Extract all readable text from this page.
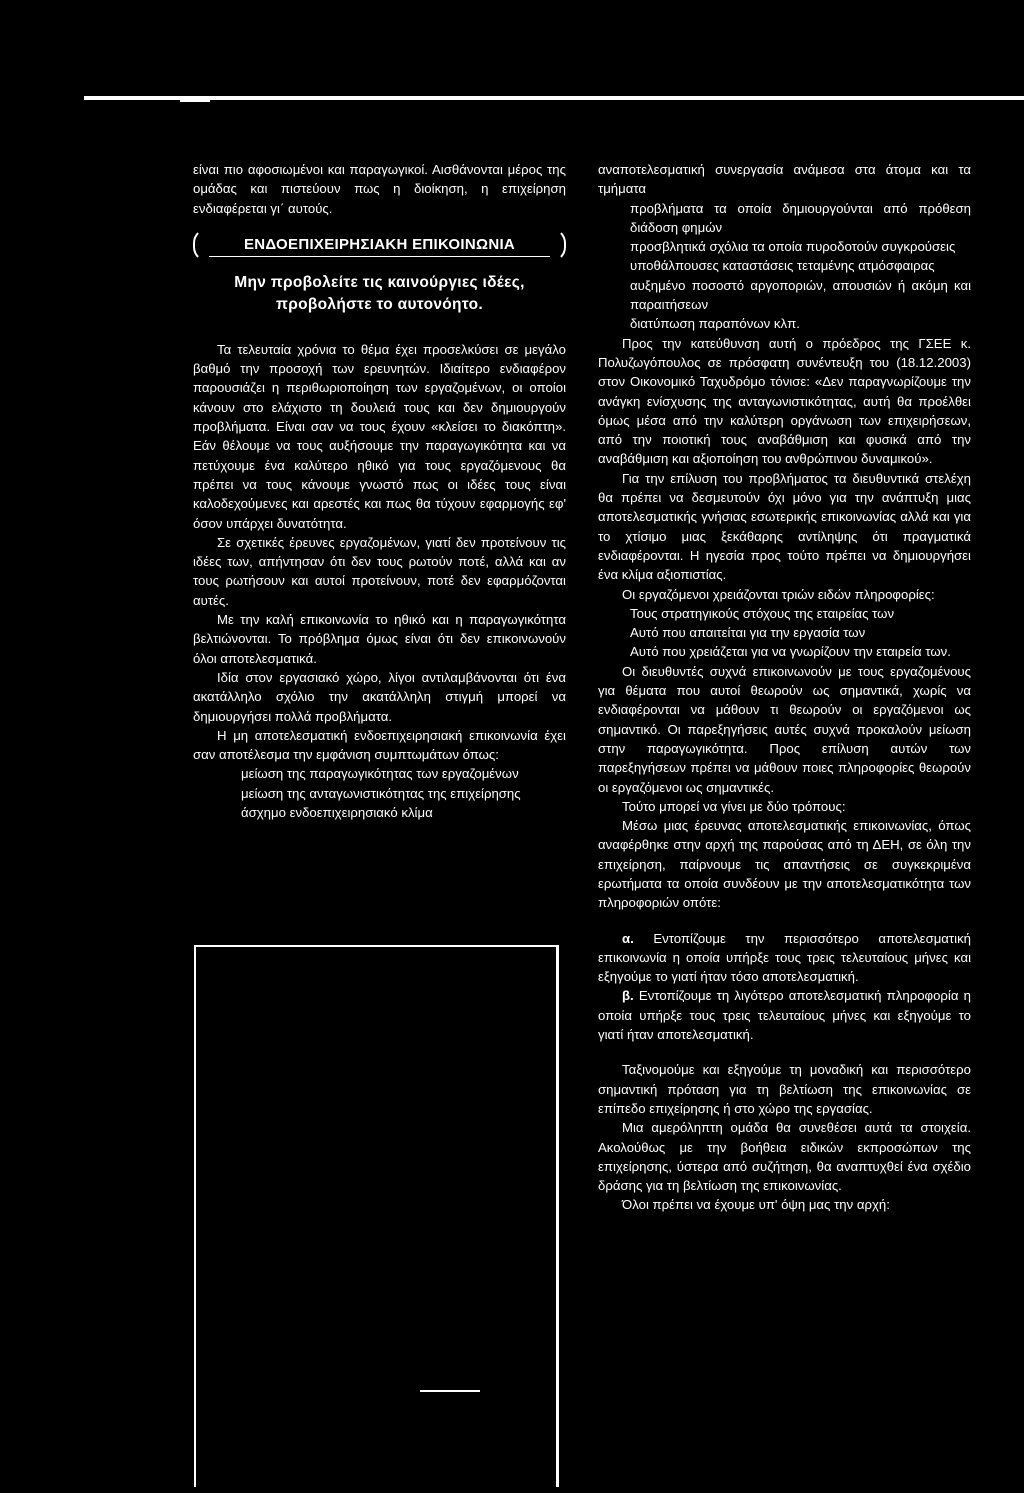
είναι πιο αφοσιωμένοι και παραγωγικοί. Αισθάνονται μέρος της ομάδας και πιστεύουν πως η διοίκηση, η επιχείρηση ενδιαφέρεται γι΄ αυτούς.

ΕΝΔΟΕΠΙΧΕΙΡΗΣΙΑΚΗ ΕΠΙΚΟΙΝΩΝΙΑ
Μην προβολείτε τις καινούργιες ιδέες,
προβολήστε το αυτονόητο.

Τα τελευταία χρόνια το θέμα έχει προσελκύσει σε μεγάλο βαθμό την προσοχή των ερευνητών. Ιδιαίτερο ενδιαφέρον παρουσιάζει η περιθωριοποίηση των εργαζομένων, οι οποίοι κάνουν στο ελάχιστο τη δουλειά τους και δεν δημιουργούν προβλήματα. Είναι σαν να τους έχουν «κλείσει το διακόπτη». Εάν θέλουμε να τους αυξήσουμε την παραγωγικότητα και να πετύχουμε ένα καλύτερο ηθικό για τους εργαζόμενους θα πρέπει να τους κάνουμε γνωστό πως οι ιδέες τους είναι καλοδεχούμενες και αρεστές και πως θα τύχουν εφαρμογής εφ' όσον υπάρχει δυνατότητα.

Σε σχετικές έρευνες εργαζομένων, γιατί δεν προτείνουν τις ιδέες των, απήντησαν ότι δεν τους ρωτούν ποτέ, αλλά και αν τους ρωτήσουν και αυτοί προτείνουν, ποτέ δεν εφαρμόζονται αυτές.

Με την καλή επικοινωνία το ηθικό και η παραγωγικότητα βελτιώνονται. Το πρόβλημα όμως είναι ότι δεν επικοινωνούν όλοι αποτελεσματικά.

Ιδία στον εργασιακό χώρο, λίγοι αντιλαμβάνονται ότι ένα ακατάλληλο σχόλιο την ακατάλληλη στιγμή μπορεί να δημιουργήσει πολλά προβλήματα.

Η μη αποτελεσματική ενδοεπιχειρησιακή επικοινωνία έχει σαν αποτέλεσμα την εμφάνιση συμπτωμάτων όπως:

μείωση της παραγωγικότητας των εργαζομένων

μείωση της ανταγωνιστικότητας της επιχείρησης

άσχημο ενδοεπιχειρησιακό κλίμα

αναποτελεσματική συνεργασία ανάμεσα στα άτομα και τα τμήματα

προβλήματα τα οποία δημιουργούνται από πρόθεση διάδοση φημών

προσβλητικά σχόλια τα οποία πυροδοτούν συγκρούσεις

υποθάλπουσες καταστάσεις τεταμένης ατμόσφαιρας

αυξημένο ποσοστό αργοποριών, απουσιών ή ακόμη και παραιτήσεων

διατύπωση παραπόνων κλπ.

Προς την κατεύθυνση αυτή ο πρόεδρος της ΓΣΕΕ κ. Πολυζωγόπουλος σε πρόσφατη συνέντευξη του (18.12.2003) στον Οικονομικό Ταχυδρόμο τόνισε: «Δεν παραγνωρίζουμε την ανάγκη ενίσχυσης της ανταγωνιστικότητας, αυτή θα προέλθει όμως μέσα από την καλύτερη οργάνωση των επιχειρήσεων, από την ποιοτική τους αναβάθμιση και φυσικά από την αναβάθμιση και αξιοποίηση του ανθρώπινου δυναμικού».

Για την επίλυση του προβλήματος τα διευθυντικά στελέχη θα πρέπει να δεσμευτούν όχι μόνο για την ανάπτυξη μιας αποτελεσματικής γνήσιας εσωτερικής επικοινωνίας αλλά και για το χτίσιμο μιας ξεκάθαρης αντίληψης ότι πραγματικά ενδιαφέρονται. Η ηγεσία προς τούτο πρέπει να δημιουργήσει ένα κλίμα αξιοπιστίας.

Οι εργαζόμενοι χρειάζονται τριών ειδών πληροφορίες:

Τους στρατηγικούς στόχους της εταιρείας των

Αυτό που απαιτείται για την εργασία των

Αυτό που χρειάζεται για να γνωρίζουν την εταιρεία των.

Οι διευθυντές συχνά επικοινωνούν με τους εργαζομένους για θέματα που αυτοί θεωρούν ως σημαντικά, χωρίς να ενδιαφέρονται να μάθουν τι θεωρούν οι εργαζόμενοι ως σημαντικό. Οι παρεξηγήσεις αυτές συχνά προκαλούν μείωση στην παραγωγικότητα. Προς επίλυση αυτών των παρεξηγήσεων πρέπει να μάθουν ποιες πληροφορίες θεωρούν οι εργαζόμενοι ως σημαντικές.

Τούτο μπορεί να γίνει με δύο τρόπους:

Μέσω μιας έρευνας αποτελεσματικής επικοινωνίας, όπως αναφέρθηκε στην αρχή της παρούσας από τη ΔΕΗ, σε όλη την επιχείρηση, παίρνουμε τις απαντήσεις σε συγκεκριμένα ερωτήματα τα οποία συνδέουν με την αποτελεσματικότητα των πληροφοριών οπότε:

α. Εντοπίζουμε την περισσότερο αποτελεσματική επικοινωνία η οποία υπήρξε τους τρεις τελευταίους μήνες και εξηγούμε το γιατί ήταν τόσο αποτελεσματική.

β. Εντοπίζουμε τη λιγότερο αποτελεσματική πληροφορία η οποία υπήρξε τους τρεις τελευταίους μήνες και εξηγούμε το γιατί ήταν αποτελεσματική.

Ταξινομούμε και εξηγούμε τη μοναδική και περισσότερο σημαντική πρόταση για τη βελτίωση της επικοινωνίας σε επίπεδο επιχείρησης ή στο χώρο της εργασίας.

Μια αμερόληπτη ομάδα θα συνεθέσει αυτά τα στοιχεία. Ακολούθως με την βοήθεια ειδικών εκπροσώπων της επιχείρησης, ύστερα από συζήτηση, θα αναπτυχθεί ένα σχέδιο δράσης για τη βελτίωση της επικοινωνίας.

Όλοι πρέπει να έχουμε υπ' όψη μας την αρχή:
